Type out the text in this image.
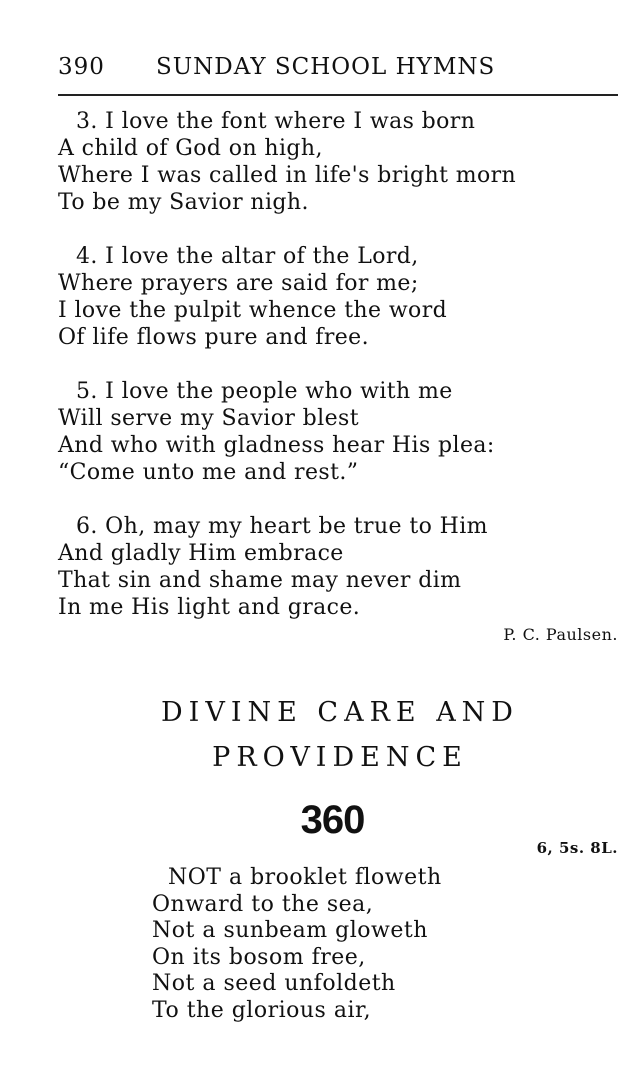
390 SUNDAY SCHOOL HYMNS
3. I love the font where I was born
A child of God on high,
Where I was called in life's bright morn
To be my Savior nigh.
4. I love the altar of the Lord,
Where prayers are said for me;
I love the pulpit whence the word
Of life flows pure and free.
5. I love the people who with me
Will serve my Savior blest
And who with gladness hear His plea:
“Come unto me and rest.”
6. Oh, may my heart be true to Him
And gladly Him embrace
That sin and shame may never dim
In me His light and grace.
P. C. Paulsen.
DIVINE CARE AND
PROVIDENCE
360
6, 5s. 8L.
NOT a brooklet floweth
Onward to the sea,
Not a sunbeam gloweth
On its bosom free,
Not a seed unfoldeth
To the glorious air,
